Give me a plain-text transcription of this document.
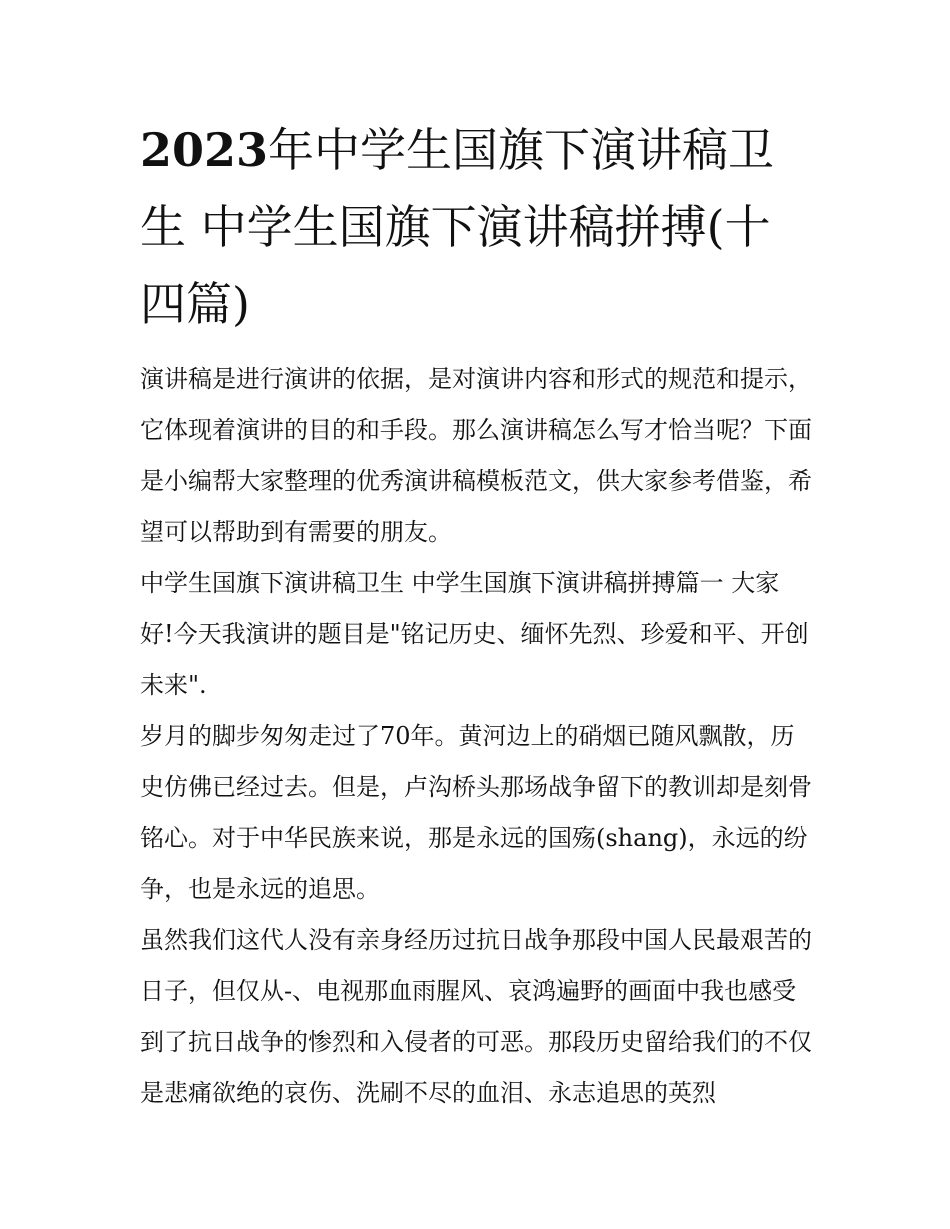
2023年中学生国旗下演讲稿卫生 中学生国旗下演讲稿拼搏(十四篇)

演讲稿是进行演讲的依据，是对演讲内容和形式的规范和提示，它体现着演讲的目的和手段。那么演讲稿怎么写才恰当呢？下面是小编帮大家整理的优秀演讲稿模板范文，供大家参考借鉴，希望可以帮助到有需要的朋友。

中学生国旗下演讲稿卫生 中学生国旗下演讲稿拼搏篇一 大家好!今天我演讲的题目是"铭记历史、缅怀先烈、珍爱和平、开创未来".

岁月的脚步匆匆走过了70年。黄河边上的硝烟已随风飘散，历史仿佛已经过去。但是，卢沟桥头那场战争留下的教训却是刻骨铭心。对于中华民族来说，那是永远的国殇(shang)，永远的纷争，也是永远的追思。

虽然我们这代人没有亲身经历过抗日战争那段中国人民最艰苦的日子，但仅从-、电视那血雨腥风、哀鸿遍野的画面中我也感受到了抗日战争的惨烈和入侵者的可恶。那段历史留给我们的不仅是悲痛欲绝的哀伤、洗刷不尽的血泪、永志追思的英烈
